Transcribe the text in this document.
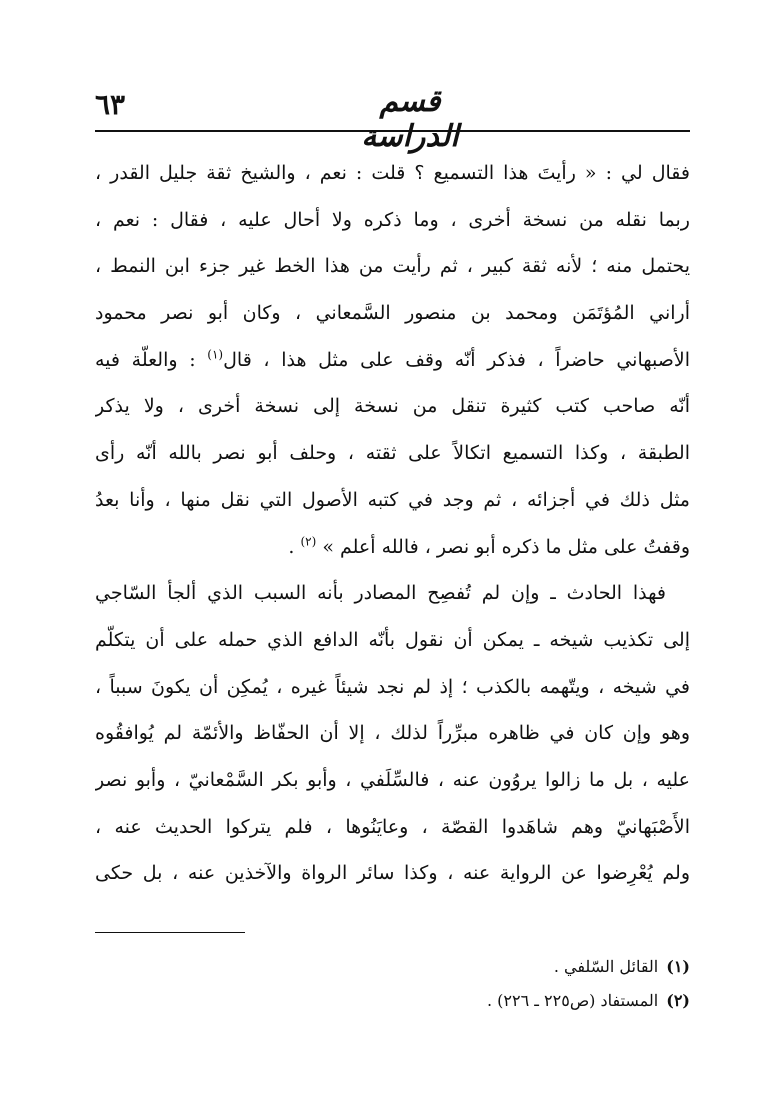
٦٣	قسم الدراسة
فقال لي : « رأيتَ هذا التسميع ؟ قلت : نعم ، والشيخ ثقة جليل القدر ،
ربما نقله من نسخة أخرى ، وما ذكره ولا أحال عليه ، فقال : نعم ،
يحتمل منه ؛ لأنه ثقة كبير ، ثم رأيت من هذا الخط غير جزء ابن النمط ،
أراني المُؤتَمَن ومحمد بن منصور السَّمعاني ، وكان أبو نصر محمود
الأصبهاني حاضراً ، فذكر أنّه وقف على مثل هذا ، قال$^{(١)}$ : والعلّة فيه
أنّه صاحب كتب كثيرة تنقل من نسخة إلى نسخة أخرى ، ولا يذكر
الطبقة ، وكذا التسميع اتكالاً على ثقته ، وحلف أبو نصر بالله أنّه رأى
مثل ذلك في أجزائه ، ثم وجد في كتبه الأصول التي نقل منها ، وأنا بعدُ
وقفتُ على مثل ما ذكره أبو نصر ، فالله أعلم » $^{(٢)}$ .
فهذا الحادث ـ وإن لم تُفصِح المصادر بأنه السبب الذي ألجأ السّاجي
إلى تكذيب شيخه ـ يمكن أن نقول بأنّه الدافع الذي حمله على أن يتكلّم
في شيخه ، ويتّهمه بالكذب ؛ إذ لم نجد شيئاً غيره ، يُمكِن أن يكونَ سبباً ،
وهو وإن كان في ظاهره مبرِّراً لذلك ، إلا أن الحفّاظ والأئمّة لم يُوافقُوه
عليه ، بل ما زالوا يروُون عنه ، فالسِّلَفي ، وأبو بكر السَّمْعانيّ ، وأبو نصر
الأَصْبَهانيّ وهم شاهَدوا القصّة ، وعايَنُوها ، فلم يتركوا الحديث عنه ،
ولم يُعْرِضوا عن الرواية عنه ، وكذا سائر الرواة والآخذين عنه ، بل حكى
(١)القائل السّلفي .
(٢)المستفاد (ص٢٢٥ ـ ٢٢٦) .
